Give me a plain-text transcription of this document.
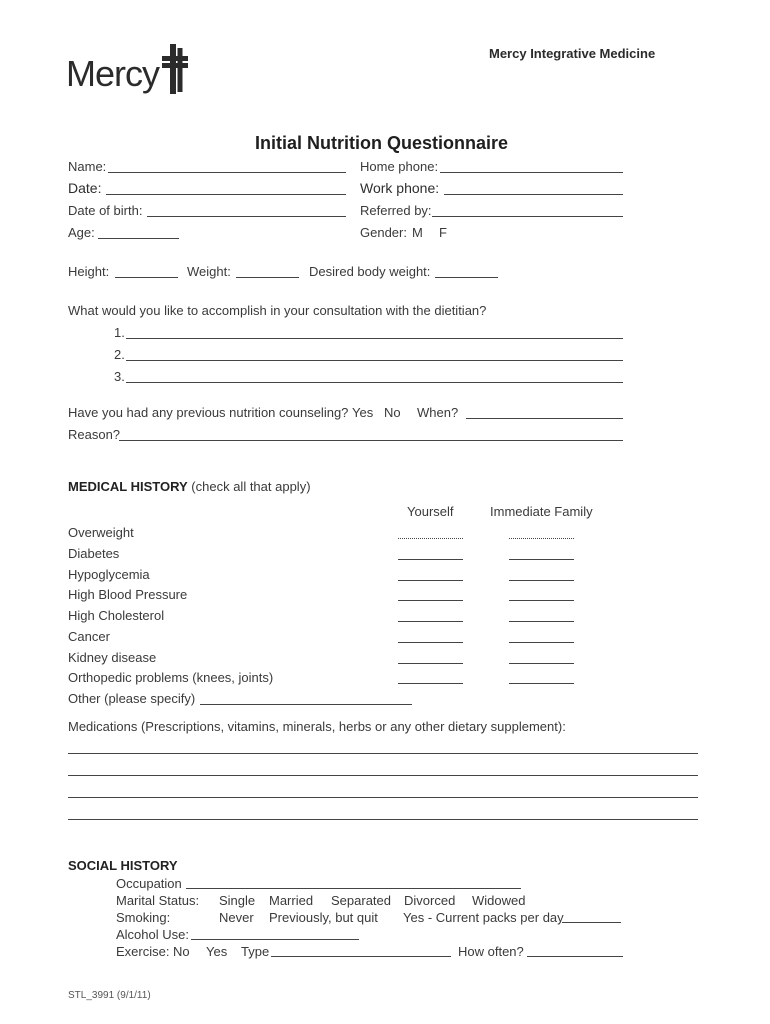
Mercy	Mercy Integrative Medicine
Initial Nutrition Questionnaire
Name:	Home phone:
Date:	Work phone:
Date of birth:	Referred by:
Age:	Gender: M F
Height:	Weight:	Desired body weight:
What would you like to accomplish in your consultation with the dietitian?
1.
2.
3.
Have you had any previous nutrition counseling? Yes No When?
Reason?
MEDICAL HISTORY (check all that apply)
Yourself	Immediate Family
Overweight
Diabetes
Hypoglycemia
High Blood Pressure
High Cholesterol
Cancer
Kidney disease
Orthopedic problems (knees, joints)
Other (please specify)
Medications (Prescriptions, vitamins, minerals, herbs or any other dietary supplement):
SOCIAL HISTORY
Occupation
Marital Status: Single Married Separated Divorced Widowed
Smoking:	Never Previously, but quit Yes - Current packs per day
Alcohol Use:
Exercise: No Yes Type	How often?
STL_3991 (9/1/11)
